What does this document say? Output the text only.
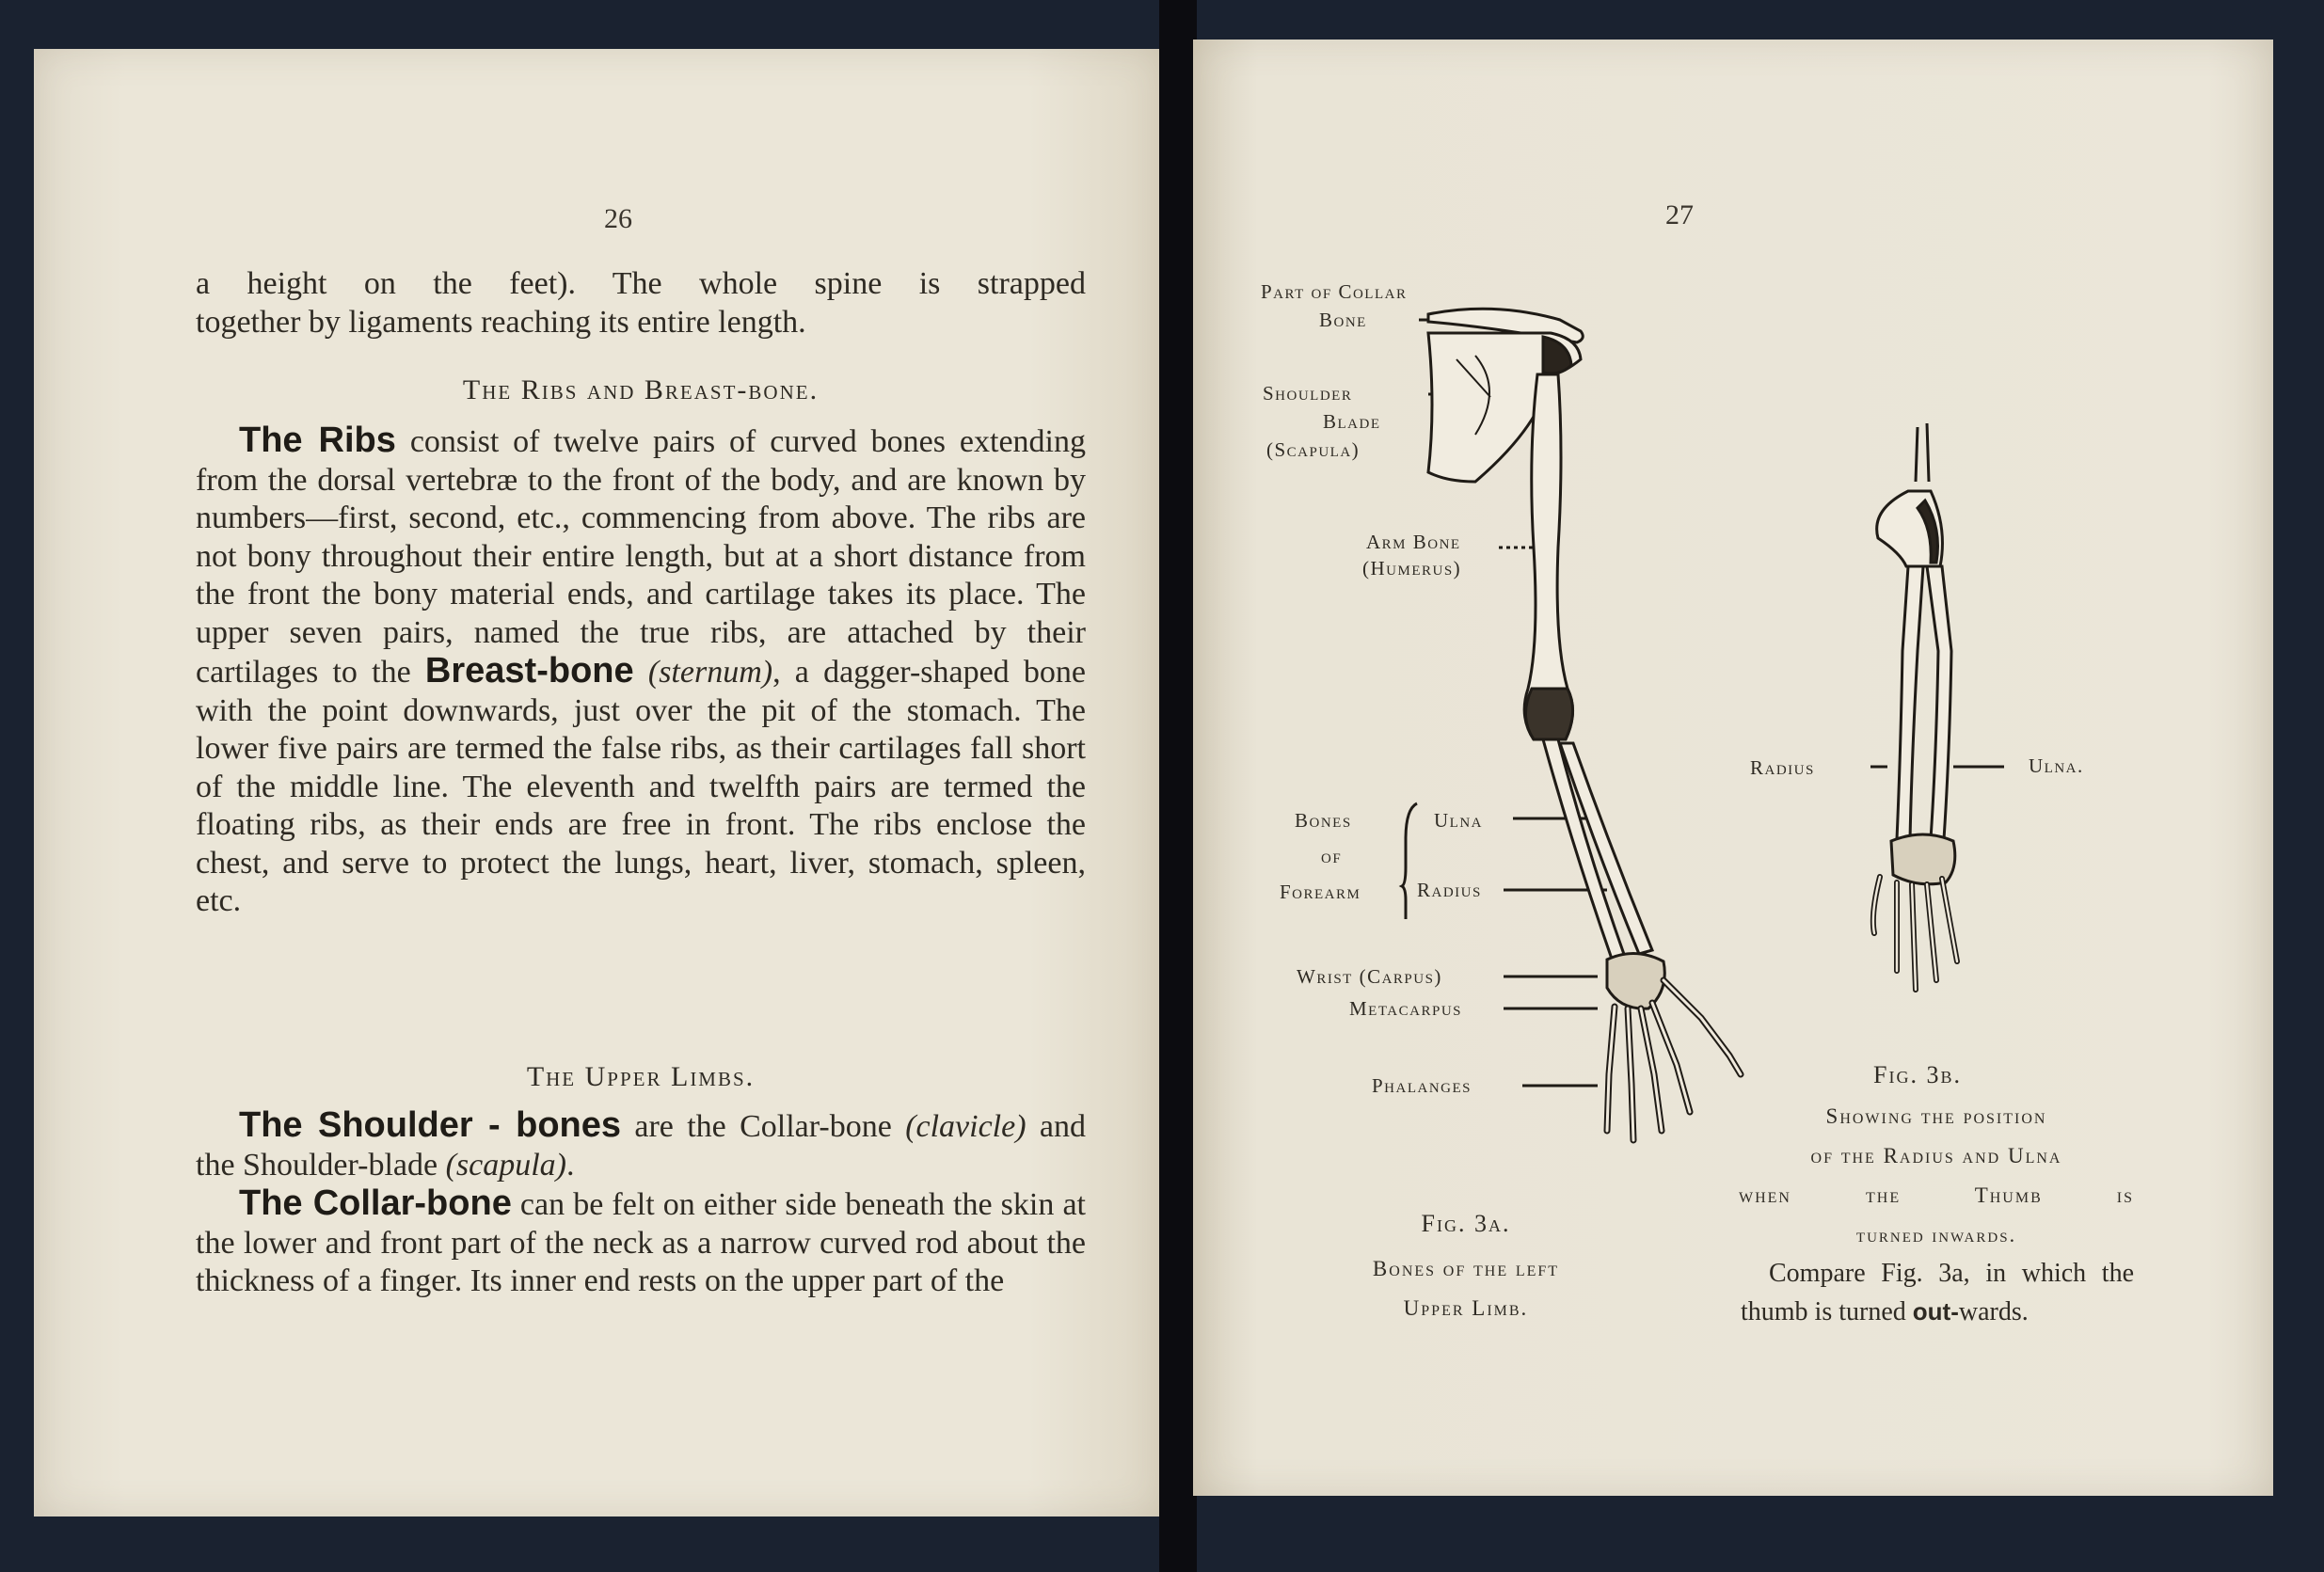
26
a height on the feet). The whole spine is strapped
together by ligaments reaching its entire length.
The Ribs and Breast-bone.

The Ribs consist of twelve pairs of curved bones extending from the dorsal vertebræ to the front of the body, and are known by numbers—first, second, etc., commencing from above. The ribs are not bony throughout their entire length, but at a short distance from the front the bony material ends, and cartilage takes its place. The upper seven pairs, named the true ribs, are attached by their cartilages to the Breast-bone (sternum), a dagger-shaped bone with the point downwards, just over the pit of the stomach. The lower five pairs are termed the false ribs, as their cartilages fall short of the middle line. The eleventh and twelfth pairs are termed the floating ribs, as their ends are free in front. The ribs enclose the chest, and serve to protect the lungs, heart, liver, stomach, spleen, etc.

The Upper Limbs.

The Shoulder - bones are the Collar-bone (clavicle) and the Shoulder-blade (scapula).

The Collar-bone can be felt on either side beneath the skin at the lower and front part of the neck as a narrow curved rod about the thickness of a finger. Its inner end rests on the upper part of the

27
Part of Collar
Bone
Shoulder
Blade
(Scapula)
Arm Bone
(Humerus)
Bones
of
Forearm
Ulna
Radius
Wrist (Carpus)
Metacarpus
Phalanges
Fig. 3a.
Bones of the left
Upper Limb.
Radius	Ulna.
Fig. 3b.
Showing the position
of the Radius and Ulna
when the Thumb is
turned inwards.
Compare Fig. 3a, in which the thumb is turned out-wards.
